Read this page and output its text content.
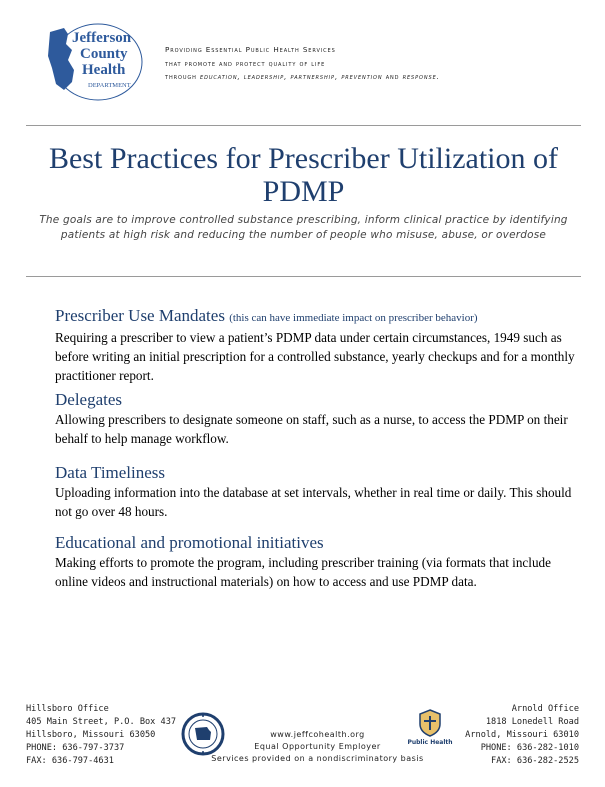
Jefferson
County
Health
DEPARTMENT
Providing Essential Public Health Services
that promote and protect quality of life
through education, leadership, partnership, prevention and response.
Best Practices for Prescriber Utilization of PDMP
The goals are to improve controlled substance prescribing, inform clinical practice by identifying patients at high risk and reducing the number of people who misuse, abuse, or overdose
Prescriber Use Mandates (this can have immediate impact on prescriber behavior)

Requiring a prescriber to view a patient’s PDMP data under certain circumstances, 1949 such as before writing an initial prescription for a controlled substance, yearly checkups and for a monthly practitioner report.

Delegates

Allowing prescribers to designate someone on staff, such as a nurse, to access the PDMP on their behalf to help manage workflow.

Data Timeliness

Uploading information into the database at set intervals, whether in real time or daily. This should not go over 48 hours.

Educational and promotional initiatives

Making efforts to promote the program, including prescriber training (via formats that include online videos and instructional materials) on how to access and use PDMP data.

Hillsboro Office
405 Main Street, P.O. Box 437
Hillsboro, Missouri 63050
PHONE: 636-797-3737
FAX: 636-797-4631
www.jeffcohealth.org
Equal Opportunity Employer
Services provided on a nondiscriminatory basis
Public Health
Arnold Office
1818 Lonedell Road
Arnold, Missouri 63010
PHONE: 636-282-1010
FAX: 636-282-2525
